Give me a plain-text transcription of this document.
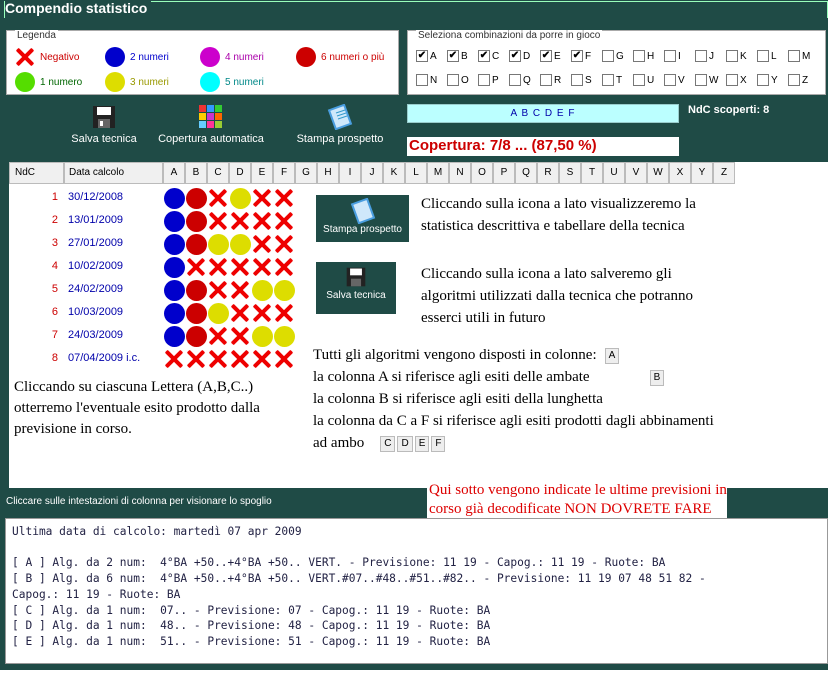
Compendio statistico
Legenda
Negativo
1 numero
2 numeri
3 numeri
4 numeri
5 numeri
6 numeri o più
Seleziona combinazioni da porre in gioco
✔ A ✔ B ✔ C ✔ D ✔ E ✔ F G H I	J	K L	M
N O P Q R S T U V W X Y Z
Salva tecnica Copertura automatica	Stampa prospetto
A B C D E F	NdC scoperti: 8
Copertura: 7/8 ... (87,50 %)
NdC	Data calcolo	A	B	C	D	E	F	G	H	I	J	K	L	M	N	O	P	Q	R	S	T	U	V	W	X	Y	Z
1 30/12/2008
2 13/01/2009
3 27/01/2009
4 10/02/2009
5 24/02/2009
6 10/03/2009
7 24/03/2009
8 07/04/2009 i.c.
Stampa prospetto
Cliccando sulla icona a lato visualizzeremo la statistica descrittiva e tabellare della tecnica
Salva tecnica
Cliccando sulla icona a lato salveremo gli algoritmi utilizzati dalla tecnica che potranno esserci utili in futuro
Cliccando su ciascuna Lettera (A,B,C..) otterremo l'eventuale esito prodotto dalla previsione in corso.
Tutti gli algoritmi vengono disposti in colonne: A
la colonna A si riferisce agli esiti delle ambate	B
la colonna B si riferisce agli esiti della lunghetta
la colonna da C a F si riferisce agli esiti prodotti dagli abbinamenti
ad ambo C D E F
Cliccare sulle intestazioni di colonna per visionare lo spoglio
Qui sotto vengono indicate le ultime previsioni in corso già decodificate NON DOVRETE FARE
Ultima data di calcolo: martedì 07 apr 2009
[ A ] Alg. da 2 num:  4°BA +50..+4°BA +50.. VERT. - Previsione: 11 19 - Capog.: 11 19 - Ruote: BA
[ B ] Alg. da 6 num:  4°BA +50..+4°BA +50.. VERT.#07..#48..#51..#82.. - Previsione: 11 19 07 48 51 82 -
Capog.: 11 19 - Ruote: BA
[ C ] Alg. da 1 num:  07.. - Previsione: 07 - Capog.: 11 19 - Ruote: BA
[ D ] Alg. da 1 num:  48.. - Previsione: 48 - Capog.: 11 19 - Ruote: BA
[ E ] Alg. da 1 num:  51.. - Previsione: 51 - Capog.: 11 19 - Ruote: BA
